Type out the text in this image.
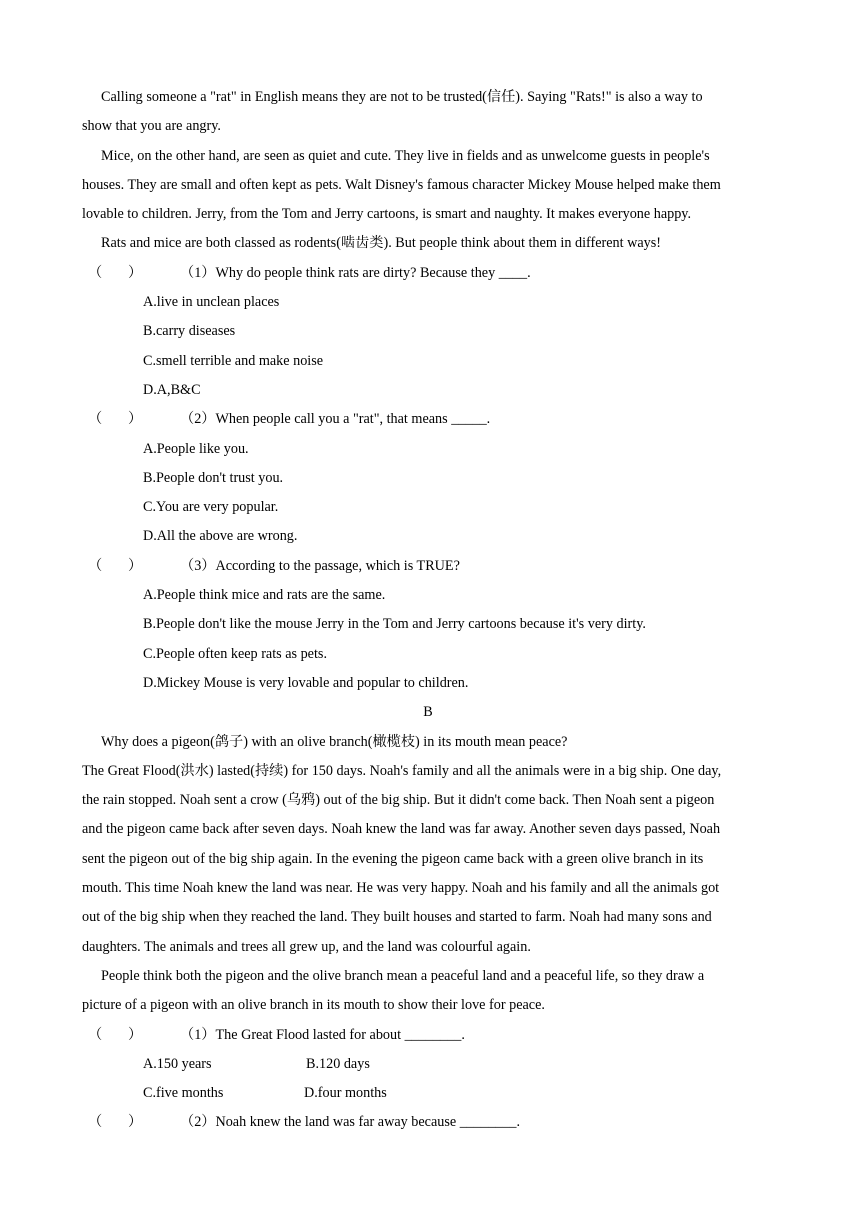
Calling someone a "rat" in English means they are not to be trusted(信任). Saying "Rats!" is also a way to
show that you are angry.
Mice, on the other hand, are seen as quiet and cute. They live in fields and as unwelcome guests in people's
houses. They are small and often kept as pets. Walt Disney's famous character Mickey Mouse helped make them
lovable to children. Jerry, from the Tom and Jerry cartoons, is smart and naughty. It makes everyone happy.
Rats and mice are both classed as rodents(啮齿类). But people think about them in different ways!
（ ）	（1）Why do people think rats are dirty? Because they ____.
A.live in unclean places
B.carry diseases
C.smell terrible and make noise
D.A,B&C
（ ）	（2）When people call you a "rat", that means _____.
A.People like you.
B.People don't trust you.
C.You are very popular.
D.All the above are wrong.
（ ）	（3）According to the passage, which is TRUE?
A.People think mice and rats are the same.
B.People don't like the mouse Jerry in the Tom and Jerry cartoons because it's very dirty.
C.People often keep rats as pets.
D.Mickey Mouse is very lovable and popular to children.
B
Why does a pigeon(鸽子) with an olive branch(橄榄枝) in its mouth mean peace?
The Great Flood(洪水) lasted(持续) for 150 days. Noah's family and all the animals were in a big ship. One day,
the rain stopped. Noah sent a crow (乌鸦) out of the big ship. But it didn't come back. Then Noah sent a pigeon
and the pigeon came back after seven days. Noah knew the land was far away. Another seven days passed, Noah
sent the pigeon out of the big ship again. In the evening the pigeon came back with a green olive branch in its
mouth. This time Noah knew the land was near. He was very happy. Noah and his family and all the animals got
out of the big ship when they reached the land. They built houses and started to farm. Noah had many sons and
daughters. The animals and trees all grew up, and the land was colourful again.
People think both the pigeon and the olive branch mean a peaceful land and a peaceful life, so they draw a
picture of a pigeon with an olive branch in its mouth to show their love for peace.
（ ）	（1）The Great Flood lasted for about ________.
A.150 years	B.120 days
C.five months	D.four months
（ ）	（2）Noah knew the land was far away because ________.
